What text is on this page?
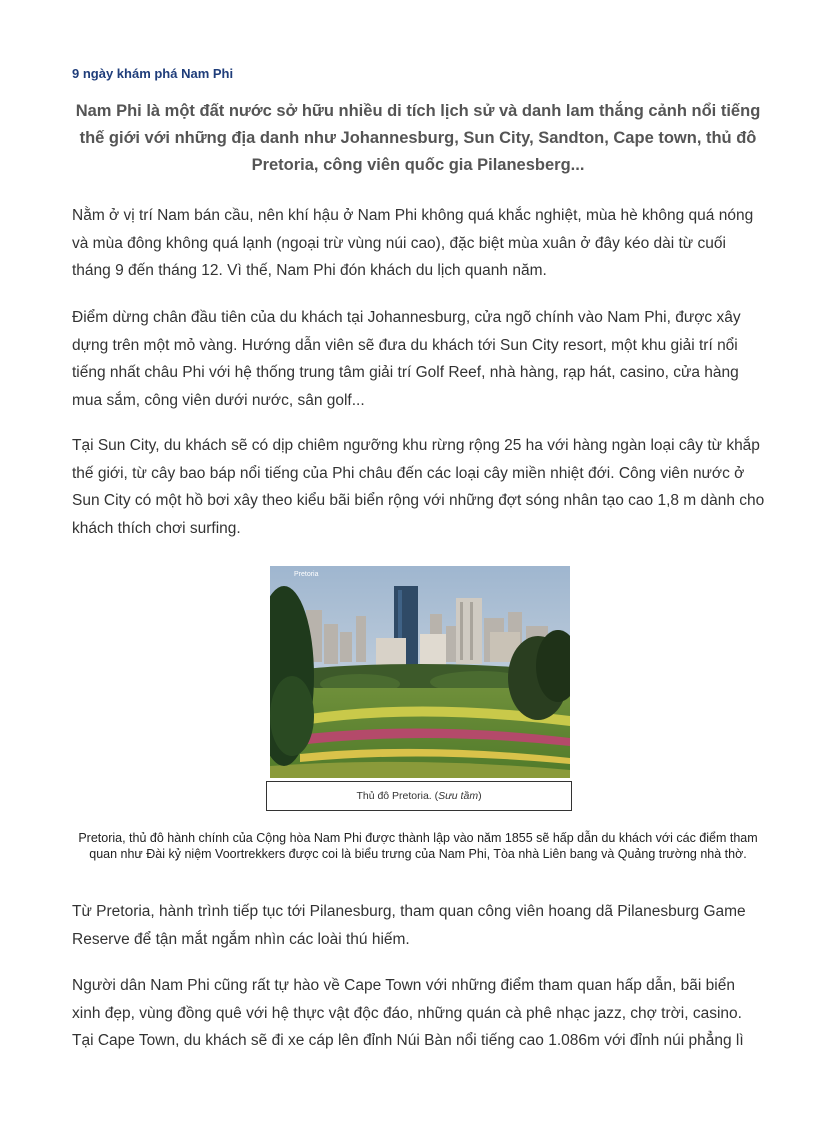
9 ngày khám phá Nam Phi
Nam Phi là một đất nước sở hữu nhiều di tích lịch sử và danh lam thắng cảnh nổi tiếng thế giới với những địa danh như Johannesburg, Sun City, Sandton, Cape town, thủ đô Pretoria, công viên quốc gia Pilanesberg...
Nằm ở vị trí Nam bán cầu, nên khí hậu ở Nam Phi không quá khắc nghiệt, mùa hè không quá nóng và mùa đông không quá lạnh (ngoại trừ vùng núi cao), đặc biệt mùa xuân ở đây kéo dài từ cuối tháng 9 đến tháng 12. Vì thế, Nam Phi đón khách du lịch quanh năm.
Điểm dừng chân đầu tiên của du khách tại Johannesburg, cửa ngõ chính vào Nam Phi, được xây dựng trên một mỏ vàng. Hướng dẫn viên sẽ đưa du khách tới Sun City resort, một khu giải trí nổi tiếng nhất châu Phi với hệ thống trung tâm giải trí Golf Reef, nhà hàng, rạp hát, casino, cửa hàng mua sắm, công viên dưới nước, sân golf...
Tại Sun City, du khách sẽ có dịp chiêm ngưỡng khu rừng rộng 25 ha với hàng ngàn loại cây từ khắp thế giới, từ cây bao báp nổi tiếng của Phi châu đến các loại cây miền nhiệt đới. Công viên nước ở Sun City có một hồ bơi xây theo kiểu bãi biển rộng với những đợt sóng nhân tạo cao 1,8 m dành cho khách thích chơi surfing.
Pretoria
Thủ đô Pretoria. (Sưu tầm)
Pretoria, thủ đô hành chính của Cộng hòa Nam Phi được thành lập vào năm 1855 sẽ hấp dẫn du khách với các điểm tham quan như Đài kỷ niệm Voortrekkers được coi là biểu trưng của Nam Phi, Tòa nhà Liên bang và Quảng trường nhà thờ.
Từ Pretoria, hành trình tiếp tục tới Pilanesburg, tham quan công viên hoang dã Pilanesburg Game Reserve để tận mắt ngắm nhìn các loài thú hiếm.
Người dân Nam Phi cũng rất tự hào về Cape Town với những điểm tham quan hấp dẫn, bãi biển xinh đẹp, vùng đồng quê với hệ thực vật độc đáo, những quán cà phê nhạc jazz, chợ trời, casino. Tại Cape Town, du khách sẽ đi xe cáp lên đỉnh Núi Bàn nổi tiếng cao 1.086m với đỉnh núi phẳng lì
